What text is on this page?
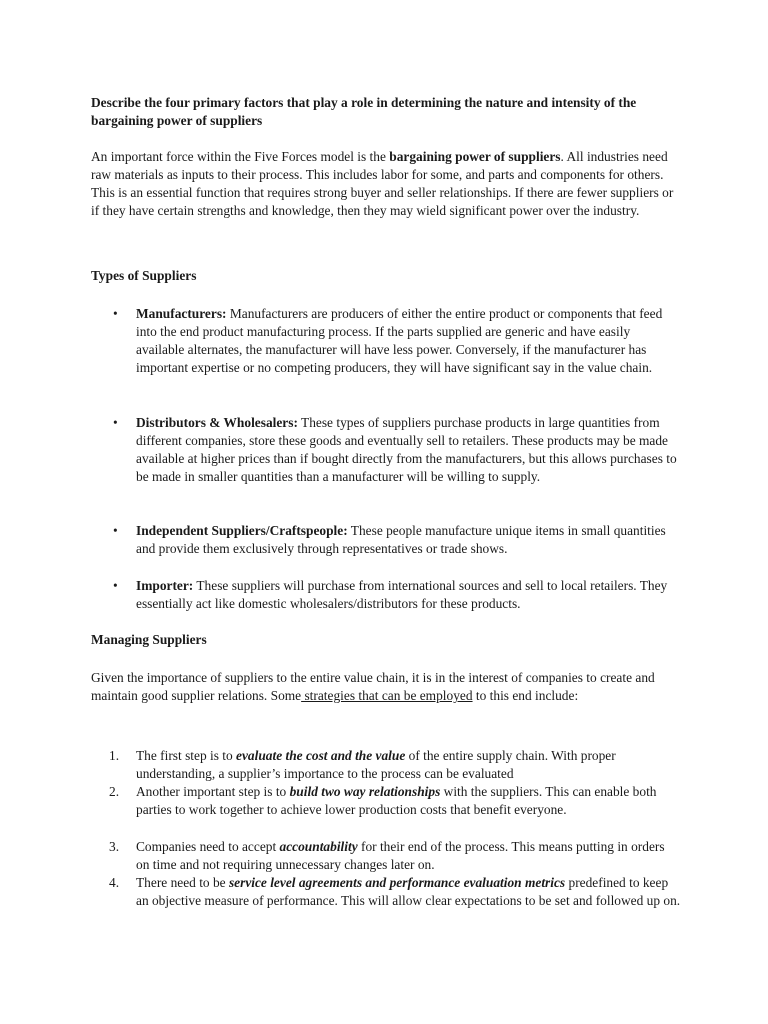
Describe the four primary factors that play a role in determining the nature and intensity of the bargaining power of suppliers

An important force within the Five Forces model is the bargaining power of suppliers. All industries need raw materials as inputs to their process. This includes labor for some, and parts and components for others. This is an essential function that requires strong buyer and seller relationships. If there are fewer suppliers or if they have certain strengths and knowledge, then they may wield significant power over the industry.

Types of Suppliers
• Manufacturers: Manufacturers are producers of either the entire product or components that feed into the end product manufacturing process. If the parts supplied are generic and have easily available alternates, the manufacturer will have less power. Conversely, if the manufacturer has important expertise or no competing producers, they will have significant say in the value chain.
• Distributors & Wholesalers: These types of suppliers purchase products in large quantities from different companies, store these goods and eventually sell to retailers. These products may be made available at higher prices than if bought directly from the manufacturers, but this allows purchases to be made in smaller quantities than a manufacturer will be willing to supply.
• Independent Suppliers/Craftspeople: These people manufacture unique items in small quantities and provide them exclusively through representatives or trade shows.
• Importer: These suppliers will purchase from international sources and sell to local retailers. They essentially act like domestic wholesalers/distributors for these products.
Managing Suppliers

Given the importance of suppliers to the entire value chain, it is in the interest of companies to create and maintain good supplier relations. Some strategies that can be employed to this end include:

1. The first step is to evaluate the cost and the value of the entire supply chain. With proper understanding, a supplier’s importance to the process can be evaluated
2. Another important step is to build two way relationships with the suppliers. This can enable both parties to work together to achieve lower production costs that benefit everyone.
3. Companies need to accept accountability for their end of the process. This means putting in orders on time and not requiring unnecessary changes later on.
4. There need to be service level agreements and performance evaluation metrics predefined to keep an objective measure of performance. This will allow clear expectations to be set and followed up on.
